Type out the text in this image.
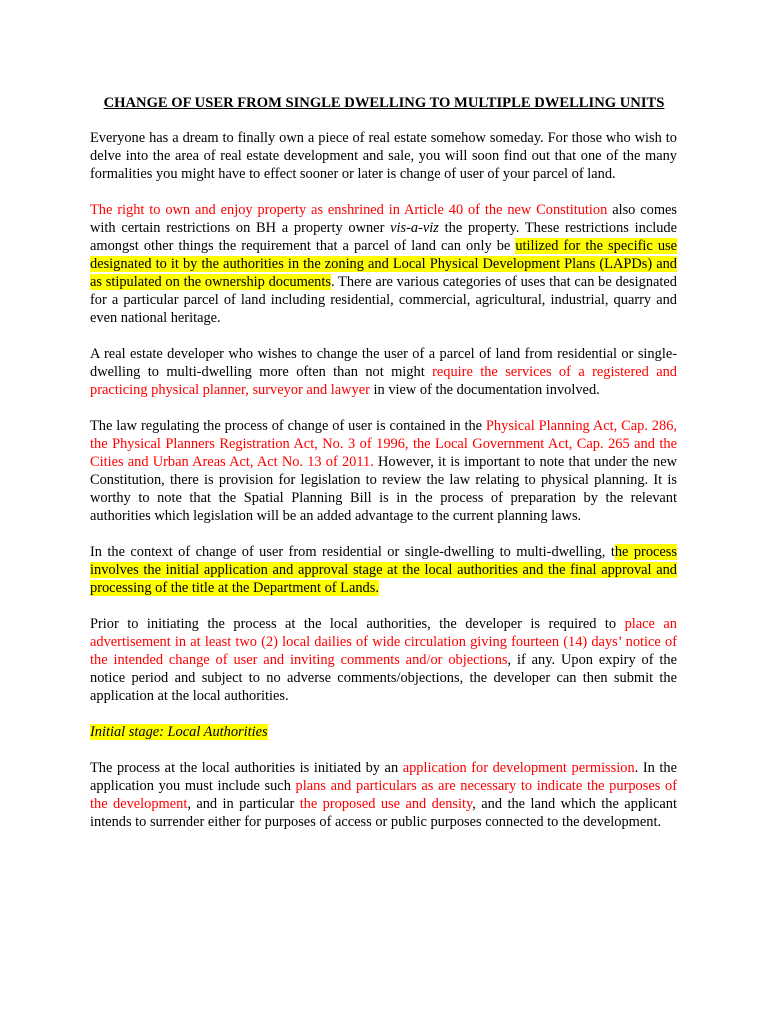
CHANGE OF USER FROM SINGLE DWELLING TO MULTIPLE DWELLING UNITS

Everyone has a dream to finally own a piece of real estate somehow someday. For those who wish to delve into the area of real estate development and sale, you will soon find out that one of the many formalities you might have to effect sooner or later is change of user of your parcel of land.

The right to own and enjoy property as enshrined in Article 40 of the new Constitution also comes with certain restrictions on BH a property owner vis-a-viz the property. These restrictions include amongst other things the requirement that a parcel of land can only be utilized for the specific use designated to it by the authorities in the zoning and Local Physical Development Plans (LAPDs) and as stipulated on the ownership documents. There are various categories of uses that can be designated for a particular parcel of land including residential, commercial, agricultural, industrial, quarry and even national heritage.

A real estate developer who wishes to change the user of a parcel of land from residential or single-dwelling to multi-dwelling more often than not might require the services of a registered and practicing physical planner, surveyor and lawyer in view of the documentation involved.

The law regulating the process of change of user is contained in the Physical Planning Act, Cap. 286, the Physical Planners Registration Act, No. 3 of 1996, the Local Government Act, Cap. 265 and the Cities and Urban Areas Act, Act No. 13 of 2011. However, it is important to note that under the new Constitution, there is provision for legislation to review the law relating to physical planning. It is worthy to note that the Spatial Planning Bill is in the process of preparation by the relevant authorities which legislation will be an added advantage to the current planning laws.

In the context of change of user from residential or single-dwelling to multi-dwelling, the process involves the initial application and approval stage at the local authorities and the final approval and processing of the title at the Department of Lands.

Prior to initiating the process at the local authorities, the developer is required to place an advertisement in at least two (2) local dailies of wide circulation giving fourteen (14) days’ notice of the intended change of user and inviting comments and/or objections, if any. Upon expiry of the notice period and subject to no adverse comments/objections, the developer can then submit the application at the local authorities.

Initial stage: Local Authorities

The process at the local authorities is initiated by an application for development permission. In the application you must include such plans and particulars as are necessary to indicate the purposes of the development, and in particular the proposed use and density, and the land which the applicant intends to surrender either for purposes of access or public purposes connected to the development.
